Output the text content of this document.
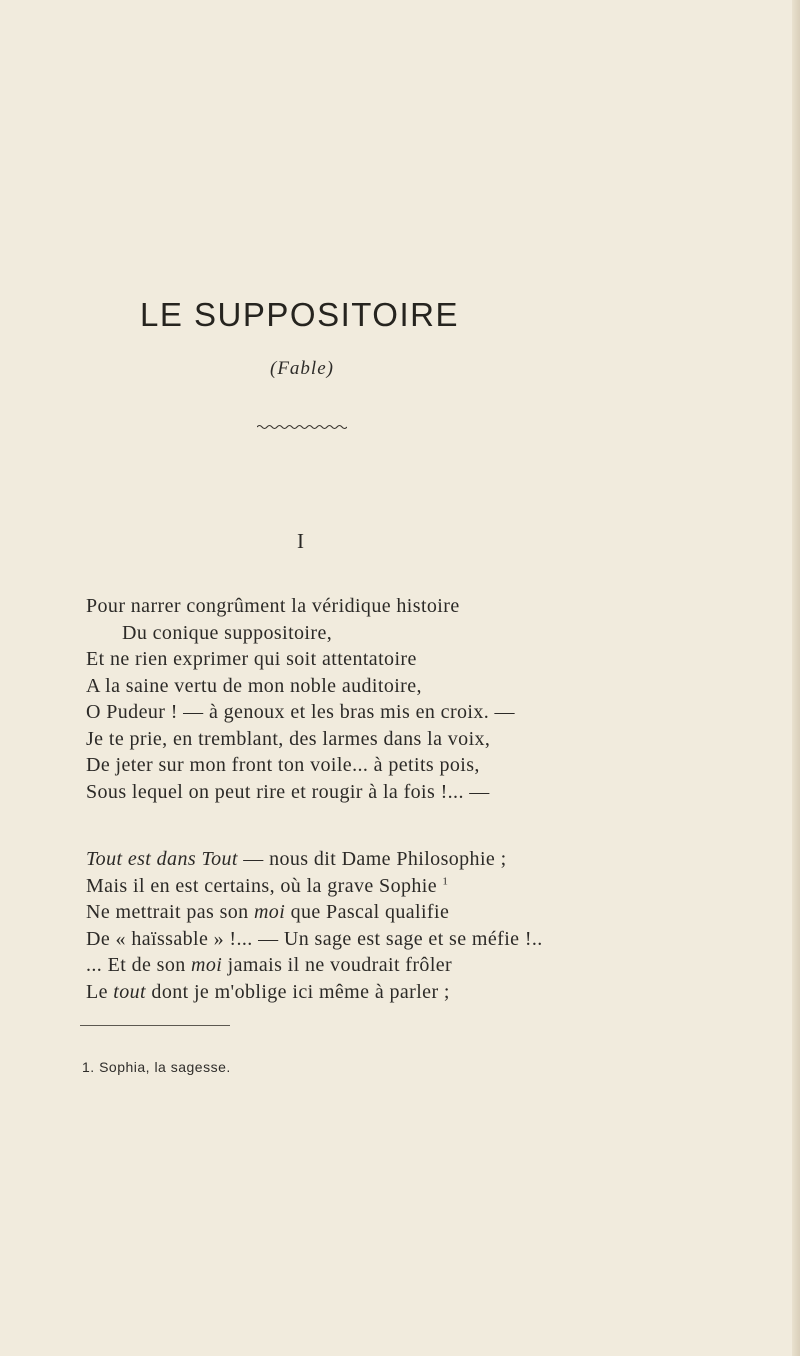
LE SUPPOSITOIRE
(Fable)
I
Pour narrer congrûment la véridique histoire
Du conique suppositoire,
Et ne rien exprimer qui soit attentatoire
A la saine vertu de mon noble auditoire,
O Pudeur ! — à genoux et les bras mis en croix. —
Je te prie, en tremblant, des larmes dans la voix,
De jeter sur mon front ton voile... à petits pois,
Sous lequel on peut rire et rougir à la fois !... —
Tout est dans Tout — nous dit Dame Philosophie ;
Mais il en est certains, où la grave Sophie $^1$
Ne mettrait pas son moi que Pascal qualifie
De « haïssable » !... — Un sage est sage et se méfie !..
... Et de son moi jamais il ne voudrait frôler
Le tout dont je m'oblige ici même à parler ;
1. Sophia, la sagesse.
